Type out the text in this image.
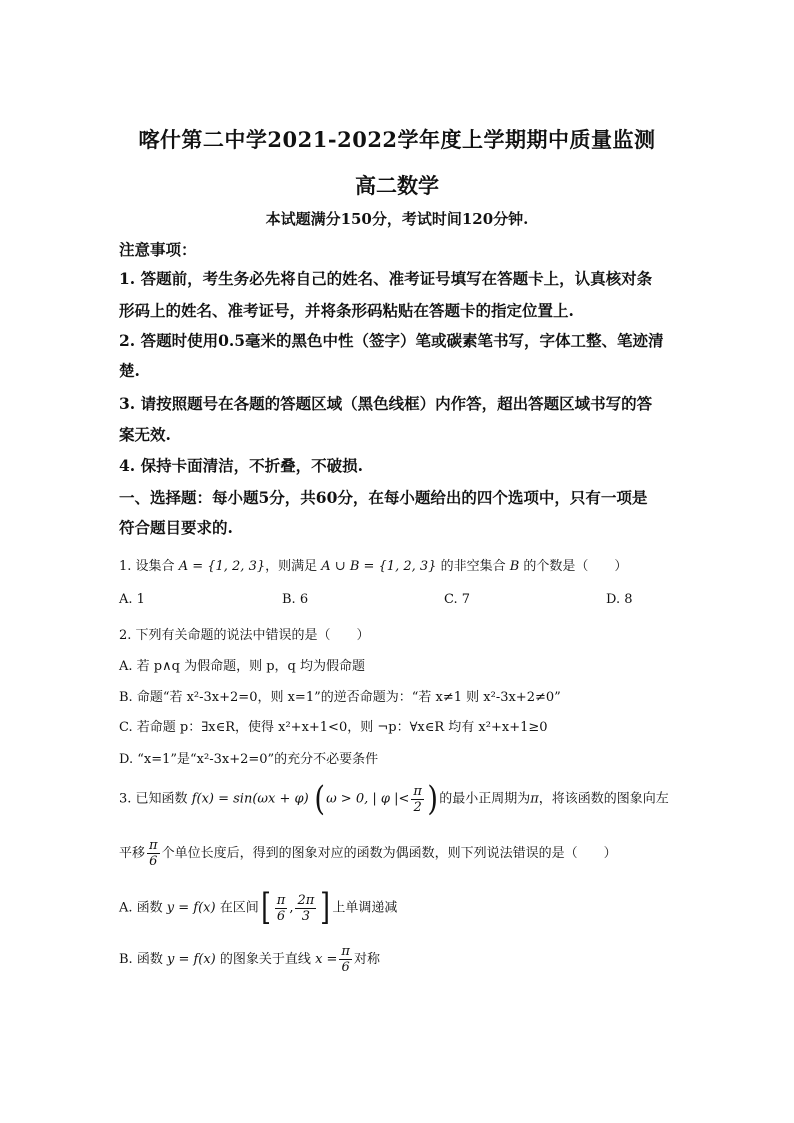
喀什第二中学2021-2022学年度上学期期中质量监测
高二数学
本试题满分150分，考试时间120分钟.
注意事项：
1. 答题前，考生务必先将自己的姓名、准考证号填写在答题卡上，认真核对条
形码上的姓名、准考证号，并将条形码粘贴在答题卡的指定位置上.
2. 答题时使用0.5毫米的黑色中性（签字）笔或碳素笔书写，字体工整、笔迹清
楚.
3. 请按照题号在各题的答题区域（黑色线框）内作答，超出答题区域书写的答
案无效.
4. 保持卡面清洁，不折叠，不破损.
一、选择题：每小题5分，共60分，在每小题给出的四个选项中，只有一项是
符合题目要求的.
1. 设集合 A = {1, 2, 3}，则满足 A ∪ B = {1, 2, 3} 的非空集合 B 的个数是（　　）
A. 1	B. 6	C. 7	D. 8
2. 下列有关命题的说法中错误的是（　　）
A. 若 p∧q 为假命题，则 p，q 均为假命题
B. 命题“若 x²-3x+2=0，则 x=1”的逆否命题为：“若 x≠1 则 x²-3x+2≠0”
C. 若命题 p：∃x∈R，使得 x²+x+1<0，则 ¬p：∀x∈R 均有 x²+x+1≥0
D. “x=1”是“x²-3x+2=0”的充分不必要条件
3. 已知函数 f(x) = sin(ωx + φ) (ω > 0, | φ |< $\frac{\pi}{2}$ )的最小正周期为π，将该函数的图象向左
平移 $\frac{\pi}{6}$ 个单位长度后，得到的图象对应的函数为偶函数，则下列说法错误的是（　　）
A. 函数 y = f(x) 在区间[ $\frac{\pi}{6}$ , $\frac{2\pi}{3}$ ] 上单调递减
B. 函数 y = f(x) 的图象关于直线 $x = \frac{\pi}{6}$ 对称
